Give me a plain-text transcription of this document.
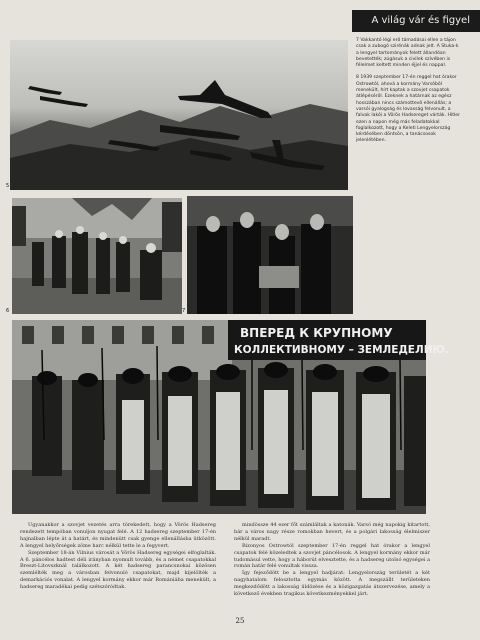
A világ vár és figyel
5

7 Vakkantó légi erő támadásai ellen a tájon csak a zubogó szirénák adnak jelt. A Stuka-k a lengyel tartományok felett állandóan bevetették; zúgásuk a civilek szívében is félelmet keltett minden éjjel és nappal.

8 1939 szeptember 17-én reggel hat órakor Ostrowtól, ahová a kormány Varsóból menekült, hírt kaptak a szovjet csapatok átlépéséről. Ezeknek a határnak az egész hosszában nincs számottevő ellenállás; a varsói gyalogság és lovasság felvonult, a falvak lakói a Vörös Hadsereget várták. Hitler ezen a napon még más feladatokkal foglalkozott, hogy a Keleti Lengyelország kérdésében döntsön, a tanácsosok jelenlétében.

6	7
ВПЕРЕД К КРУПНОМУ
КОЛЛЕКТИВНОМУ – ЗЕМЛЕДЕЛИЮ.

Ugyanakkor a szovjet vezetés arra törekedett, hogy a Vörös Hadsereg rendezett tempóban vonuljon nyugat felé. A 12 hadsereg szeptember 17-én hajnalban lépte át a határt, és mindenütt csak gyenge ellenállásba ütközött. A lengyel helyőrségek zöme harc nélkül tette le a fegyvert.

Szeptember 18-án Vilnius városát a Vörös Hadsereg egységei elfoglalták. A 6. páncélos hadtest déli irányban nyomult tovább, és a német csapatokkal Breszt-Litovszknál találkozott. A két hadsereg parancsnokai közösen szemlélték meg a városban felvonuló csapatokat, majd kijelölték a demarkációs vonalat. A lengyel kormány ekkor már Romániába menekült, a hadsereg maradékai pedig szétszóródtak.

mindössze 44 ezer főt számláltak a katonák. Varsó még napokig kitartott, bár a város nagy része romokban hevert, és a polgári lakosság élelmiszer nélkül maradt.

Bizonyos Ostrowtól szeptember 17-én reggel hat órakor a lengyel csapatok felé közeledtek a szovjet páncélosok. A lengyel kormány ekkor már tudomásul vette, hogy a háborút elvesztette, és a hadsereg utolsó egységei a román határ felé vonultak vissza.

Így fejeződött be a lengyel hadjárat: Lengyelország területét a két nagyhatalom felosztotta egymás között. A megszállt területeken megkezdődött a lakosság üldözése és a közigazgatás átszervezése, amely a következő években tragikus következményekkel járt.

25
